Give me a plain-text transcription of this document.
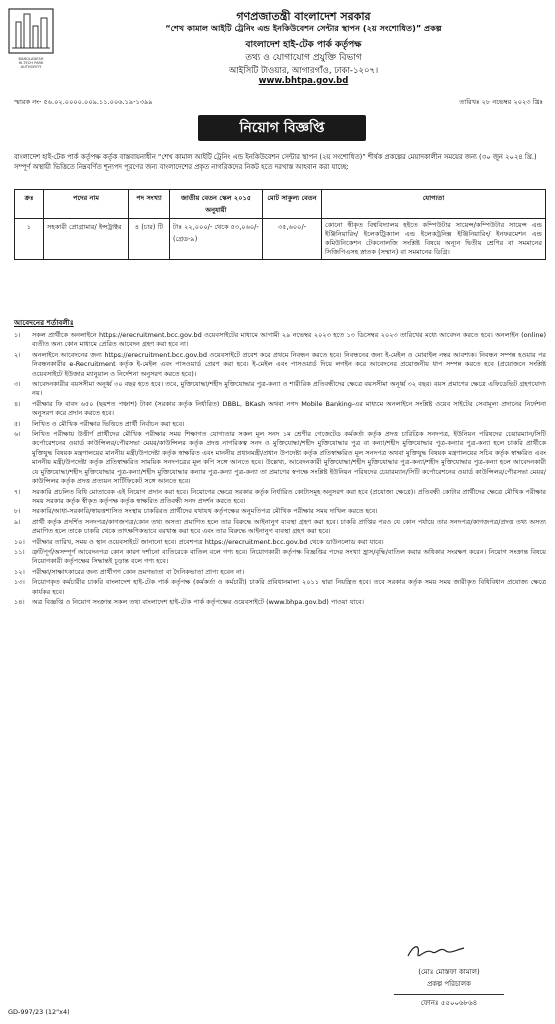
BANGLADESH
HI-TECH PARK
AUTHORITY
গণপ্রজাতন্ত্রী বাংলাদেশ সরকার
“শেখ কামাল আইটি ট্রেনিং এন্ড ইনকিউবেশন সেন্টার স্থাপন (২য় সংশোধিত)” প্রকল্প
বাংলাদেশ হাই-টেক পার্ক কর্তৃপক্ষ
তথ্য ও যোগাযোগ প্রযুক্তি বিভাগ
আইসিটি টাওয়ার, আগারগাঁও, ঢাকা-১২০৭।
www.bhtpa.gov.bd
স্মারক নং- ৫৬.০২.০০০০.০০৯.১১.০০৬.১৯-১৩৯৯	তারিখঃ ২৮ নভেম্বর ২০২৩ খ্রিঃ
নিয়োগ বিজ্ঞপ্তি
বাংলাদেশ হাই-টেক পার্ক কর্তৃপক্ষ কর্তৃক বাস্তবায়নাধীন “শেখ কামাল আইটি ট্রেনিং এন্ড ইনকিউবেশন সেন্টার স্থাপন (২য় সংশোধিত)” শীর্ষক প্রকল্পের মেয়াদকালীন সময়ের জন্য (৩০ জুন ২০২৪ খ্রি.) সম্পূর্ণ অস্থায়ী ভিত্তিতে নিম্নবর্ণিত শূন্যপদ পূরণের জন্য বাংলাদেশের প্রকৃত নাগরিকদের নিকট হতে দরখাস্ত আহবান করা যাচ্ছে:
ক্রঃ	পদের নাম	পদ সংখ্যা	জাতীয় বেতন স্কেল ২০১৫ অনুযায়ী	মোট সাকুল্য বেতন	যোগ্যতা
১	সহকারী প্রোগ্রামার/ ইন্সট্রাক্টর	৪ (চার) টি	টাঃ ২২,০০০/- থেকে ৫৩,০৬০/- (গ্রেড-৯)	৩৫,৬০০/-	কোনো স্বীকৃত বিশ্ববিদ্যালয় হইতে কম্পিউটার সায়েন্স/কম্পিউটার সায়েন্স এন্ড ইঞ্জিনিয়ারিং/ ইলেকট্রিক্যাল এন্ড ইলেকট্রনিক্স ইঞ্জিনিয়ারিং/ ইনফরমেশন এন্ড কমিউনিকেশন টেকনোলজি সংশ্লিষ্ট বিষয়ে অন্যূন দ্বিতীয় শ্রেণির বা সমমানের সিজিপিএসহ স্নাতক (সম্মান) বা সমমানের ডিগ্রি।
আবেদনের শর্তাবলীঃ
১।	সকল প্রার্থীকে অনলাইনে https://erecruitment.bcc.gov.bd ওয়েবসাইটের মাধ্যমে আগামী ২৯ নভেম্বর ২০২৩ হতে ১৩ ডিসেম্বর ২০২৩ তারিখের মধ্যে আবেদন করতে হবে। অনলাইন (online) ব্যতীত অন্য কোন মাধ্যমে প্রেরিত আবেদন গ্রহণ করা হবে না।
২।	অনলাইনে আবেদনের জন্য https://erecruitment.bcc.gov.bd ওয়েবসাইটে প্রবেশ করে প্রথমে নিবন্ধন করতে হবে। নিবন্ধনের জন্য ই-মেইল ও মোবাইল নম্বর আবশ্যক। নিবন্ধন সম্পন্ন হওয়ার পর নিবন্ধনকারীর e-Recruitment কর্তৃক ই-মেইল এবং পাসওয়ার্ড প্রেরণ করা হবে। ই-মেইল এবং পাসওয়ার্ড দিয়ে লগইন করে আবেদনের প্রয়োজনীয় ধাপ সম্পন্ন করতে হবে (প্রয়োজনে সংশ্লিষ্ট ওয়েবসাইটে ইউজার ম্যানুয়াল ও নির্দেশনা অনুসরণ করতে হবে)।
৩।	আবেদনকারীর বয়সসীমা অনূর্ধ্ব ৩০ বছর হতে হবে। তবে, মুক্তিযোদ্ধা/শহীদ মুক্তিযোদ্ধার পুত্র-কন্যা ও শারীরিক প্রতিবন্ধীদের ক্ষেত্রে বয়সসীমা অনূর্ধ্ব ৩২ বছর। বয়স প্রমাণের ক্ষেত্রে এফিডেভিট গ্রহণযোগ্য নয়।
৪।	পরীক্ষার ফি বাবদ ৬৫০ (ছয়শত পঞ্চাশ) টাকা (সরকার কর্তৃক নির্ধারিত) DBBL, BKash অথবা নগদ Mobile Banking-এর মাধ্যমে অনলাইনে সংশ্লিষ্ট ওয়েব সাইটের সেবামূল্য প্রদানের নির্দেশনা অনুসরণ করে প্রদান করতে হবে।
৫।	লিখিত ও মৌখিক পরীক্ষার ভিত্তিতে প্রার্থী নির্বাচন করা হবে।
৬।	লিখিত পরীক্ষায় উত্তীর্ণ প্রার্থীদের মৌখিক পরীক্ষার সময় শিক্ষাগত যোগ্যতার সকল মূল সনদ ১ম শ্রেণীর গেজেটেড কর্মকর্তা কর্তৃক প্রদত্ত চারিত্রিক সনদপত্র, ইউনিয়ন পরিষদের চেয়ারম্যান/সিটি কর্পোরেশনের ওয়ার্ড কাউন্সিলর/পৌরসভা মেয়র/কাউন্সিলর কর্তৃক প্রদত্ত নাগরিকত্ব সনদ ও মুক্তিযোদ্ধা/শহীদ মুক্তিযোদ্ধার পুত্র বা কন্যা/শহীদ মুক্তিযোদ্ধার পুত্র-কন্যার পুত্র-কন্যা হলে চাকরি প্রার্থীকে মুক্তিযুদ্ধ বিষয়ক মন্ত্রণালয়ের মাননীয় মন্ত্রী/উপদেষ্টা কর্তৃক স্বাক্ষরিত এবং মাননীয় প্রধানমন্ত্রী/প্রধান উপদেষ্টা কর্তৃক প্রতিস্বাক্ষরিত মূল সনদপত্র অথবা মুক্তিযুদ্ধ বিষয়ক মন্ত্রণালয়ের সচিব কর্তৃক স্বাক্ষরিত এবং মাননীয় মন্ত্রী/উপদেষ্টা কর্তৃক প্রতিস্বাক্ষরিত সাময়িক সনদপত্রের মূল কপি সঙ্গে আনতে হবে। উল্লেখ্য, আবেদনকারী মুক্তিযোদ্ধা/শহীদ মুক্তিযোদ্ধার পুত্র-কন্যা/শহীদ মুক্তিযোদ্ধার পুত্র-কন্যা হলে আবেদনকারী যে মুক্তিযোদ্ধা/শহীদ মুক্তিযোদ্ধার পুত্র-কন্যা/শহীদ মুক্তিযোদ্ধার কন্যার পুত্র-কন্যা পুত্র-কন্যা তা প্রমাণের স্বপক্ষে সংশ্লিষ্ট ইউনিয়ন পরিষদের চেয়ারম্যান/সিটি কর্পোরেশনের ওয়ার্ড কাউন্সিলর/পৌরসভা মেয়র/কাউন্সিলর কর্তৃক প্রদত্ত প্রত্যয়ন সার্টিফিকেট সঙ্গে আনতে হবে।
৭।	সরকারি প্রচলিত বিধি মোতাবেক এই নিয়োগ প্রদান করা হবে। নিয়োগের ক্ষেত্রে সরকার কর্তৃক নির্ধারিত কোটাসমূহ অনুসরণ করা হবে (প্রযোজ্য ক্ষেত্রে)। প্রতিবন্ধী কোটার প্রার্থীদের ক্ষেত্রে মৌখিক পরীক্ষার সময় সরকার কর্তৃক স্বীকৃত কর্তৃপক্ষ কর্তৃক স্বাক্ষরিত প্রতিবন্ধী সনদ প্রদর্শন করতে হবে।
৮।	সরকারি/আধা-সরকারি/স্বায়ত্তশাসিত সংস্থায় চাকরিরত প্রার্থীদের যথাযথ কর্তৃপক্ষের অনুমতিপত্র মৌখিক পরীক্ষার সময় দাখিল করতে হবে।
৯।	প্রার্থী কর্তৃক প্রদর্শিত সনদপত্র/কাগজপত্র/কোন তথ্য অসত্য প্রমাণিত হলে তার বিরুদ্ধে আইনানুগ ব্যবস্থা গ্রহণ করা হবে। চাকরি প্রাপ্তির পরও যে কোন পর্যায়ে তার সনদপত্র/কাগজপত্র/প্রদত্ত তথ্য অসত্য প্রমাণিত হলে তাকে চাকরি থেকে তাৎক্ষণিকভাবে বরখাস্ত করা হবে এবং তার বিরুদ্ধে আইনানুগ ব্যবস্থা গ্রহণ করা হবে।
১০।	পরীক্ষার তারিখ, সময় ও স্থান ওয়েবসাইটে জানানো হবে। প্রবেশপত্র https://erecruitment.bcc.gov.bd থেকে ডাউনলোড করা যাবে।
১১।	ত্রুটিপূর্ণ/অসম্পূর্ণ আবেদনপত্র কোন কারণ দর্শানো ব্যতিরেকে বাতিল বলে গণ্য হবে। নিয়োগকারী কর্তৃপক্ষ বিজ্ঞপ্তির পদের সংখ্যা হ্রাস/বৃদ্ধি/বাতিল করার অধিকার সংরক্ষণ করেন। নিয়োগ সংক্রান্ত বিষয়ে নিয়োগকারী কর্তৃপক্ষের সিদ্ধান্তই চূড়ান্ত বলে গণ্য হবে।
১২।	পরীক্ষা/সাক্ষাৎকারের জন্য প্রার্থীগণ কোন ভ্রমণভাতা বা দৈনিকভাতা প্রাপ্য হবেন না।
১৩।	নিয়োগকৃত কর্মচারীর চাকরি বাংলাদেশ হাই-টেক পার্ক কর্তৃপক্ষ (কর্মকর্তা ও কর্মচারী) চাকরি প্রবিধানমালা ২০১১ দ্বারা নিয়ন্ত্রিত হবে। তবে সরকার কর্তৃক সময় সময় জারীকৃত বিধিবিধান প্রযোজ্য ক্ষেত্রে কার্যকর হবে।
১৪।	অত্র বিজ্ঞপ্তি ও নিয়োগ সংক্রান্ত সকল তথ্য বাংলাদেশ হাই-টেক পার্ক কর্তৃপক্ষের ওয়েবসাইটে (www.bhpa.gov.bd) পাওয়া যাবে।
(মোঃ মোস্তফা কামাল)
প্রকল্প পরিচালক
ফোনঃ ৫৫০০৬৮৬৪
GD-997/23 (12"x4)
